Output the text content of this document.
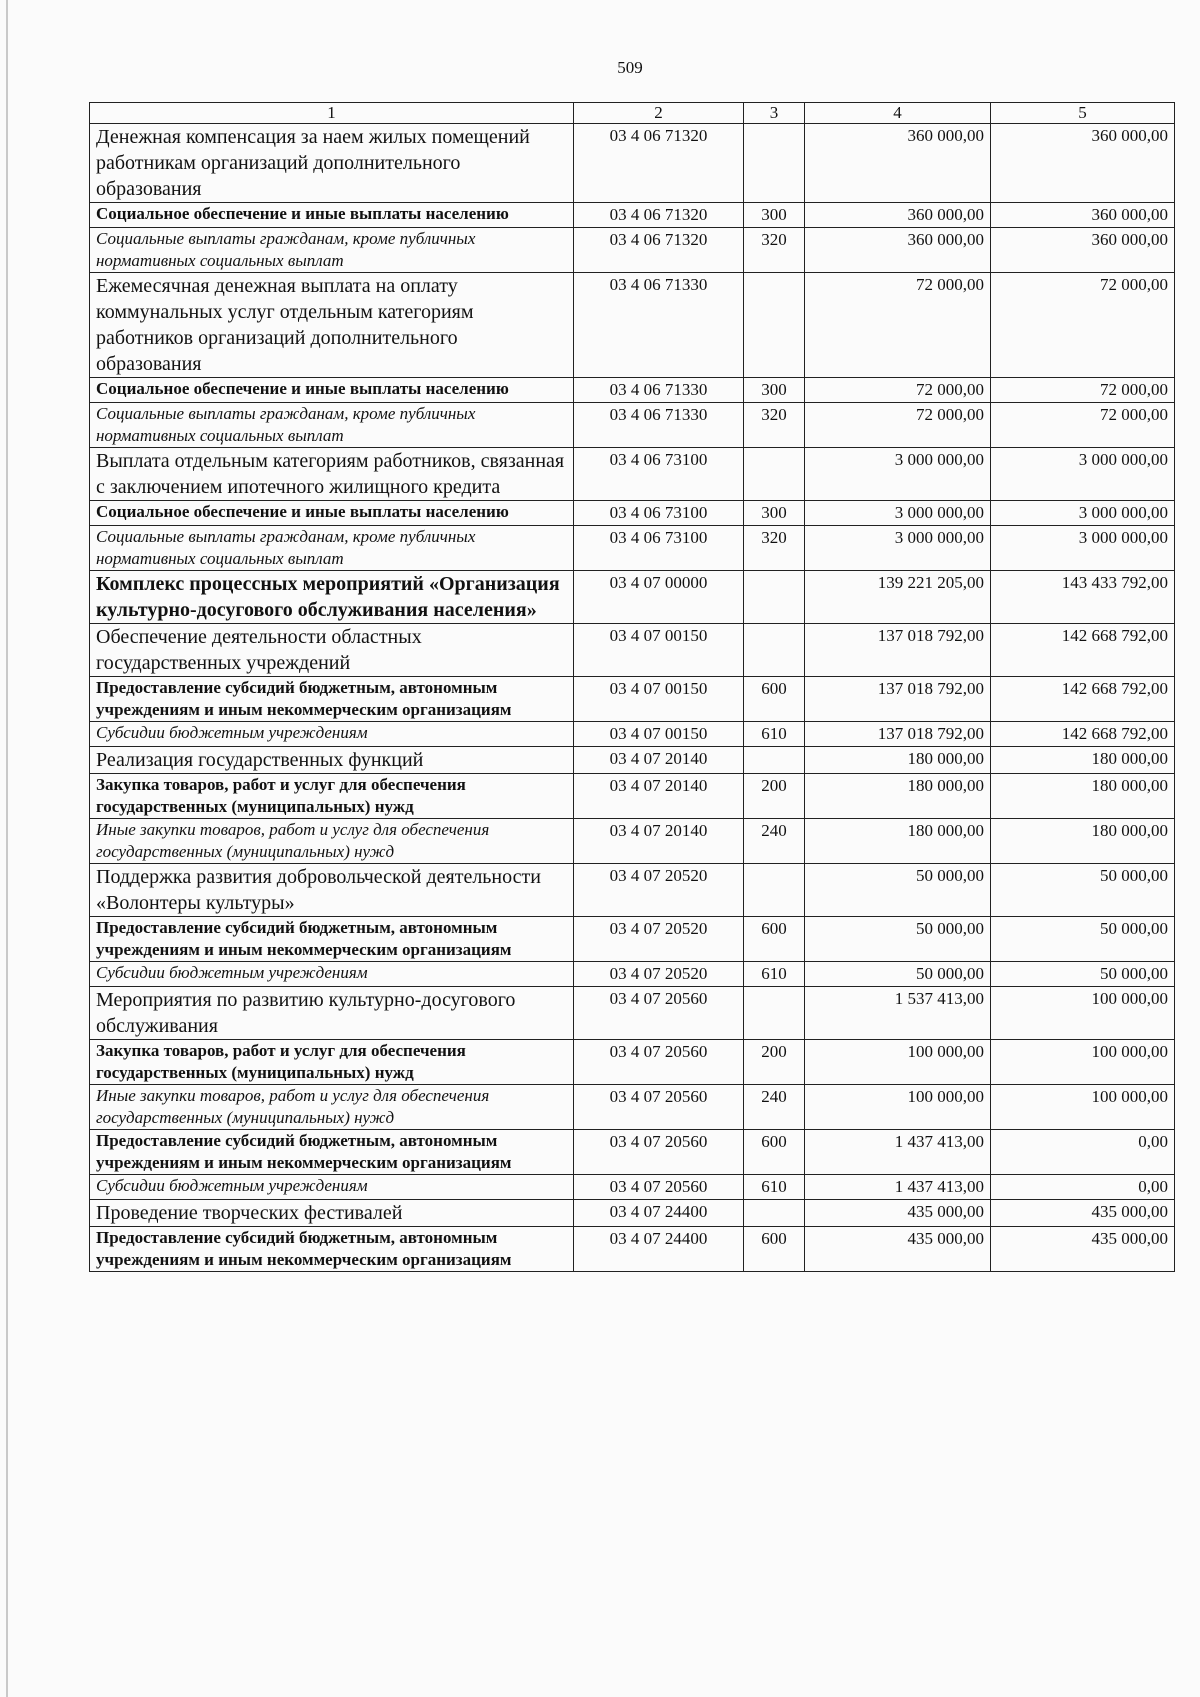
509
1	2	3	4	5
Денежная компенсация за наем жилых помещений работникам организаций дополнительного образования	03 4 06 71320		360 000,00	360 000,00
Социальное обеспечение и иные выплаты населению	03 4 06 71320	300	360 000,00	360 000,00
Социальные выплаты гражданам, кроме публичных нормативных социальных выплат	03 4 06 71320	320	360 000,00	360 000,00
Ежемесячная денежная выплата на оплату коммунальных услуг отдельным категориям работников организаций дополнительного образования	03 4 06 71330		72 000,00	72 000,00
Социальное обеспечение и иные выплаты населению	03 4 06 71330	300	72 000,00	72 000,00
Социальные выплаты гражданам, кроме публичных нормативных социальных выплат	03 4 06 71330	320	72 000,00	72 000,00
Выплата отдельным категориям работников, связанная с заключением ипотечного жилищного кредита	03 4 06 73100		3 000 000,00	3 000 000,00
Социальное обеспечение и иные выплаты населению	03 4 06 73100	300	3 000 000,00	3 000 000,00
Социальные выплаты гражданам, кроме публичных нормативных социальных выплат	03 4 06 73100	320	3 000 000,00	3 000 000,00
Комплекс процессных мероприятий «Организация культурно-досугового обслуживания населения»	03 4 07 00000		139 221 205,00	143 433 792,00
Обеспечение деятельности областных государственных учреждений	03 4 07 00150		137 018 792,00	142 668 792,00
Предоставление субсидий бюджетным, автономным учреждениям и иным некоммерческим организациям	03 4 07 00150	600	137 018 792,00	142 668 792,00
Субсидии бюджетным учреждениям	03 4 07 00150	610	137 018 792,00	142 668 792,00
Реализация государственных функций	03 4 07 20140		180 000,00	180 000,00
Закупка товаров, работ и услуг для обеспечения государственных (муниципальных) нужд	03 4 07 20140	200	180 000,00	180 000,00
Иные закупки товаров, работ и услуг для обеспечения государственных (муниципальных) нужд	03 4 07 20140	240	180 000,00	180 000,00
Поддержка развития добровольческой деятельности «Волонтеры культуры»	03 4 07 20520		50 000,00	50 000,00
Предоставление субсидий бюджетным, автономным учреждениям и иным некоммерческим организациям	03 4 07 20520	600	50 000,00	50 000,00
Субсидии бюджетным учреждениям	03 4 07 20520	610	50 000,00	50 000,00
Мероприятия по развитию культурно-досугового обслуживания	03 4 07 20560		1 537 413,00	100 000,00
Закупка товаров, работ и услуг для обеспечения государственных (муниципальных) нужд	03 4 07 20560	200	100 000,00	100 000,00
Иные закупки товаров, работ и услуг для обеспечения государственных (муниципальных) нужд	03 4 07 20560	240	100 000,00	100 000,00
Предоставление субсидий бюджетным, автономным учреждениям и иным некоммерческим организациям	03 4 07 20560	600	1 437 413,00	0,00
Субсидии бюджетным учреждениям	03 4 07 20560	610	1 437 413,00	0,00
Проведение творческих фестивалей	03 4 07 24400		435 000,00	435 000,00
Предоставление субсидий бюджетным, автономным учреждениям и иным некоммерческим организациям	03 4 07 24400	600	435 000,00	435 000,00
